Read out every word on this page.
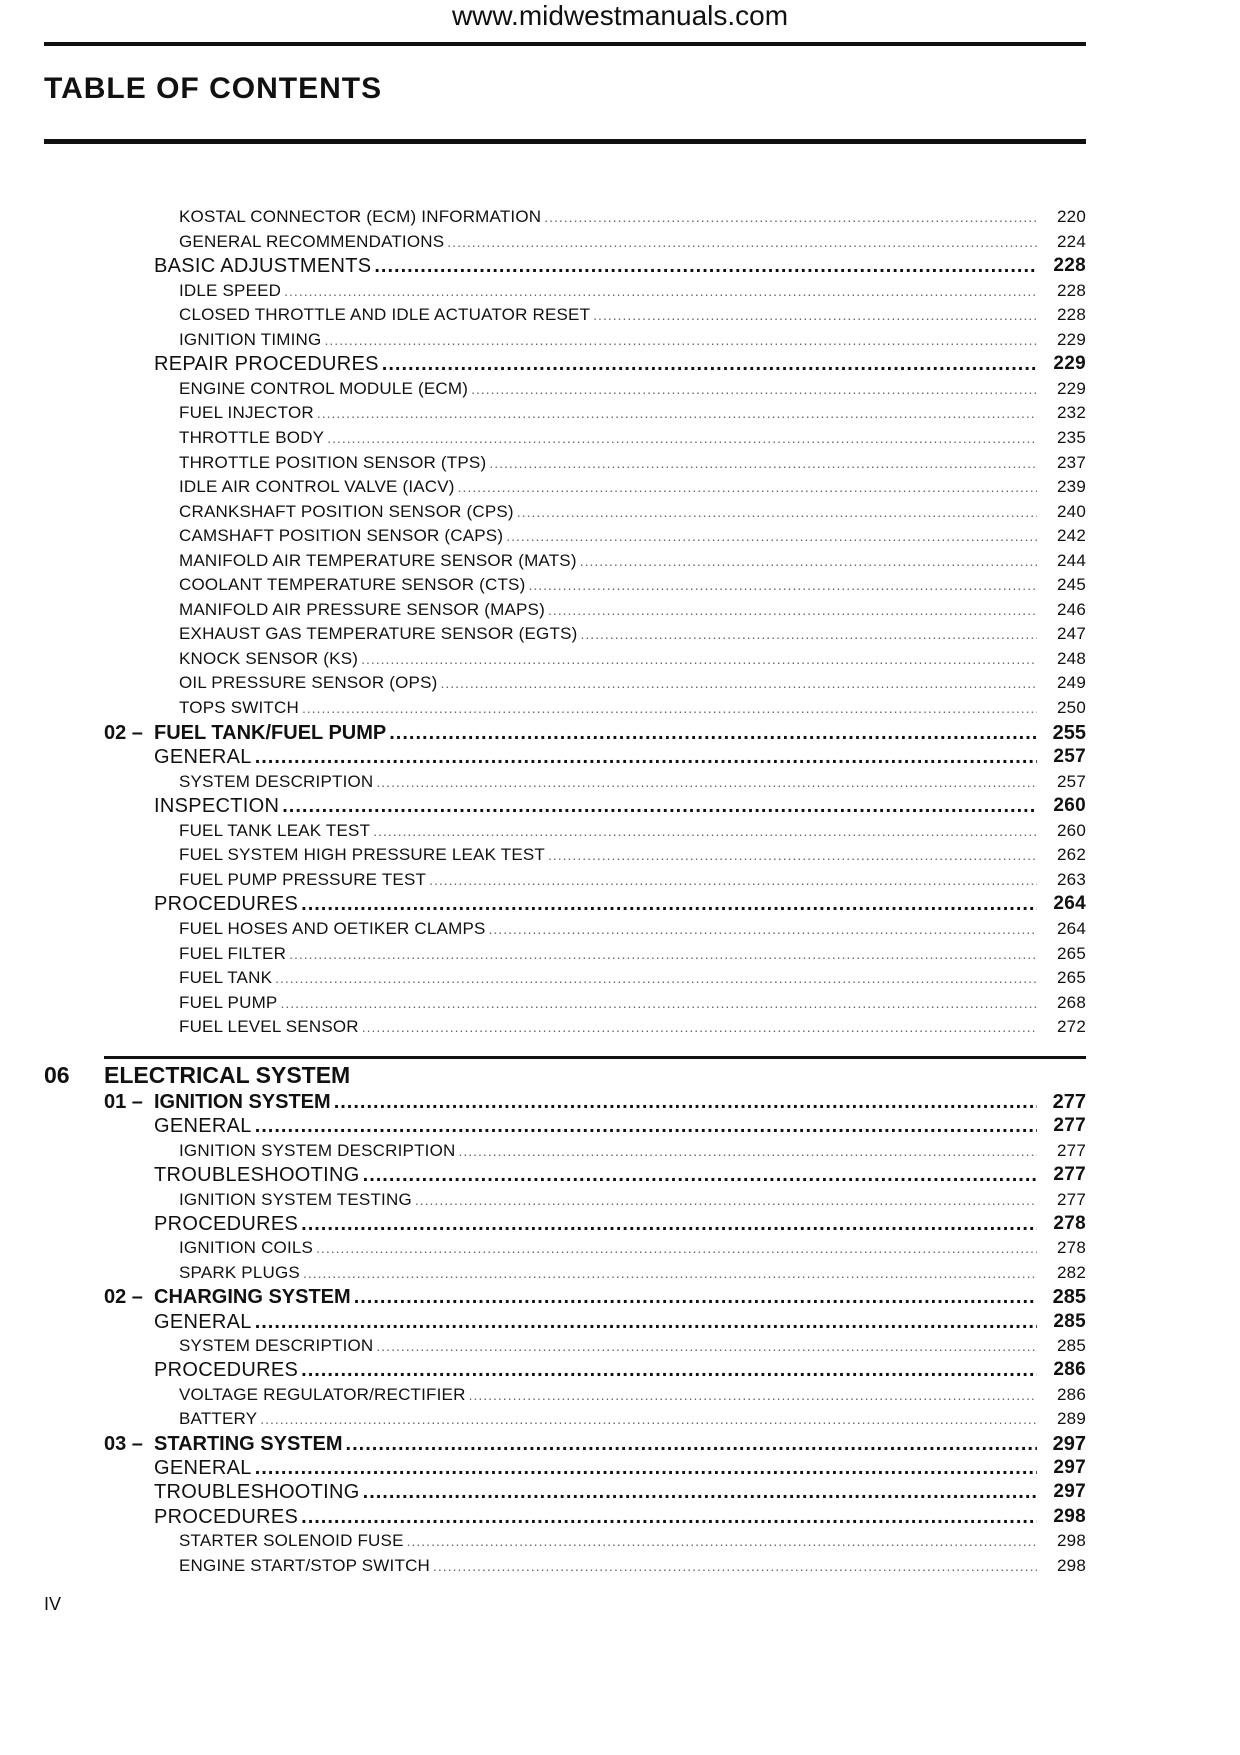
www.midwestmanuals.com
TABLE OF CONTENTS
KOSTAL CONNECTOR (ECM) INFORMATION .....	220
GENERAL RECOMMENDATIONS .....	224
BASIC ADJUSTMENTS .....	228
IDLE SPEED .....	228
CLOSED THROTTLE AND IDLE ACTUATOR RESET .....	228
IGNITION TIMING .....	229
REPAIR PROCEDURES .....	229
ENGINE CONTROL MODULE (ECM) .....	229
FUEL INJECTOR .....	232
THROTTLE BODY .....	235
THROTTLE POSITION SENSOR (TPS) .....	237
IDLE AIR CONTROL VALVE (IACV) .....	239
CRANKSHAFT POSITION SENSOR (CPS) .....	240
CAMSHAFT POSITION SENSOR (CAPS) .....	242
MANIFOLD AIR TEMPERATURE SENSOR (MATS) .....	244
COOLANT TEMPERATURE SENSOR (CTS) .....	245
MANIFOLD AIR PRESSURE SENSOR (MAPS) .....	246
EXHAUST GAS TEMPERATURE SENSOR (EGTS) .....	247
KNOCK SENSOR (KS) .....	248
OIL PRESSURE SENSOR (OPS) .....	249
TOPS SWITCH .....	250
02 – FUEL TANK/FUEL PUMP .....	255
GENERAL .....	257
SYSTEM DESCRIPTION .....	257
INSPECTION .....	260
FUEL TANK LEAK TEST .....	260
FUEL SYSTEM HIGH PRESSURE LEAK TEST .....	262
FUEL PUMP PRESSURE TEST .....	263
PROCEDURES .....	264
FUEL HOSES AND OETIKER CLAMPS .....	264
FUEL FILTER .....	265
FUEL TANK .....	265
FUEL PUMP .....	268
FUEL LEVEL SENSOR .....	272
06 ELECTRICAL SYSTEM
01 – IGNITION SYSTEM .....	277
GENERAL .....	277
IGNITION SYSTEM DESCRIPTION .....	277
TROUBLESHOOTING .....	277
IGNITION SYSTEM TESTING .....	277
PROCEDURES .....	278
IGNITION COILS .....	278
SPARK PLUGS .....	282
02 – CHARGING SYSTEM .....	285
GENERAL .....	285
SYSTEM DESCRIPTION .....	285
PROCEDURES .....	286
VOLTAGE REGULATOR/RECTIFIER .....	286
BATTERY .....	289
03 – STARTING SYSTEM .....	297
GENERAL .....	297
TROUBLESHOOTING .....	297
PROCEDURES .....	298
STARTER SOLENOID FUSE .....	298
ENGINE START/STOP SWITCH .....	298
IV
